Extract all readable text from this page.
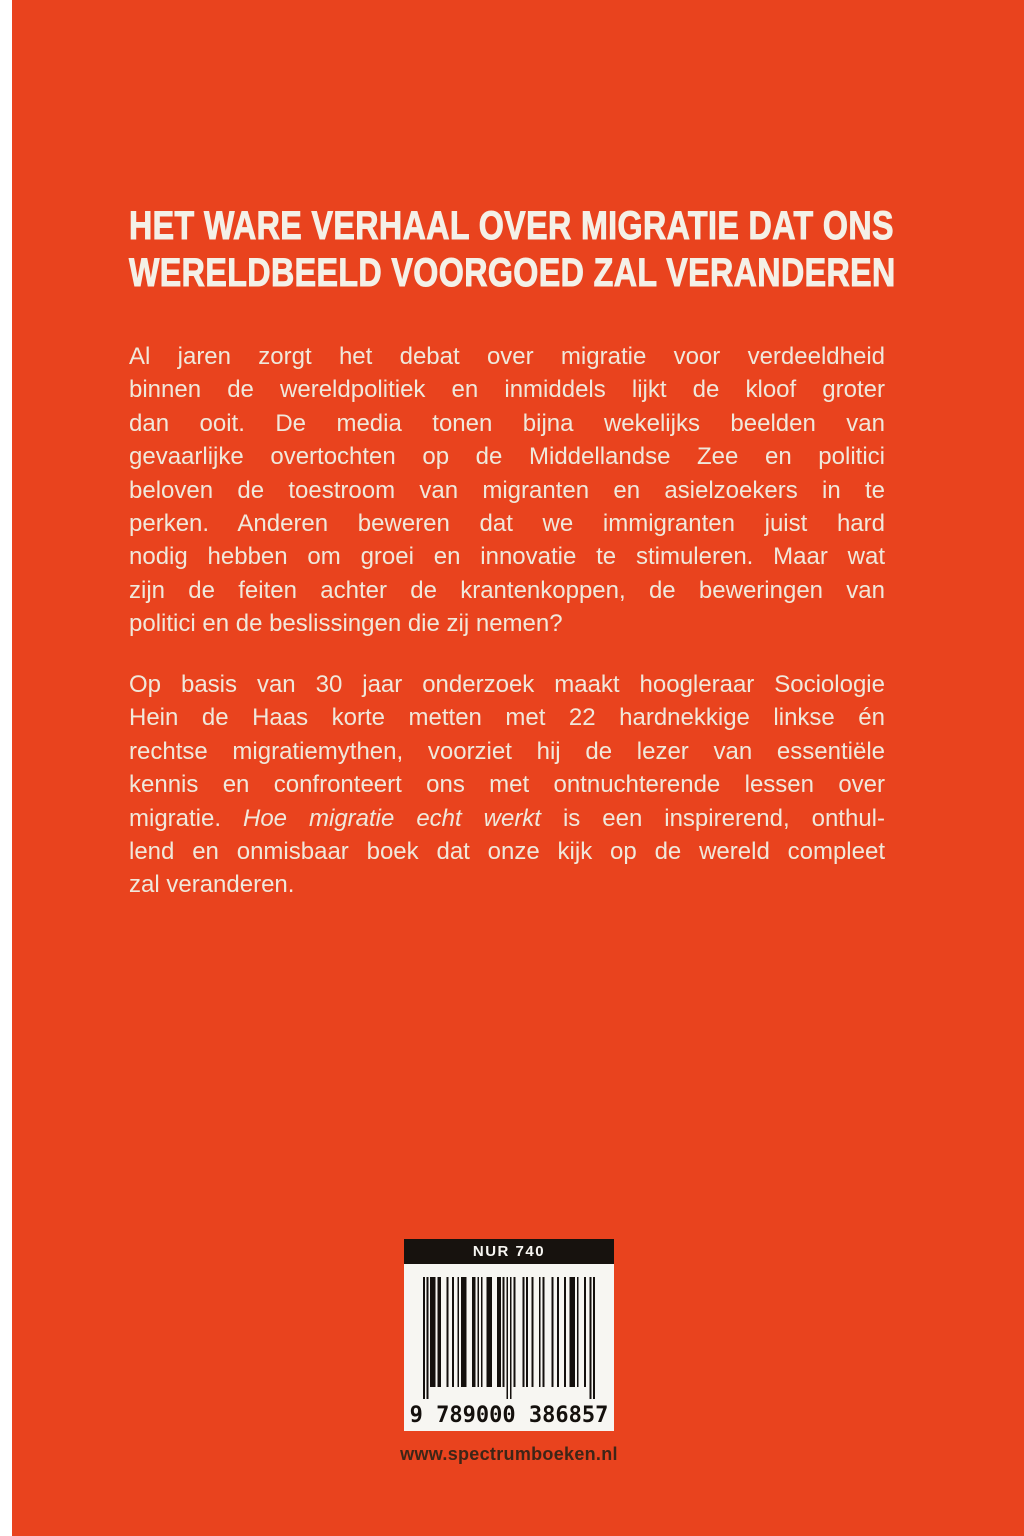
HET WARE VERHAAL OVER MIGRATIE DAT ONS
WERELDBEELD VOORGOED ZAL VERANDEREN
Al jaren zorgt het debat over migratie voor verdeeldheid
binnen de wereldpolitiek en inmiddels lijkt de kloof groter
dan ooit. De media tonen bijna wekelijks beelden van
gevaarlijke overtochten op de Middellandse Zee en politici
beloven de toestroom van migranten en asielzoekers in te
perken. Anderen beweren dat we immigranten juist hard
nodig hebben om groei en innovatie te stimuleren. Maar wat
zijn de feiten achter de krantenkoppen, de beweringen van
politici en de beslissingen die zij nemen?
Op basis van 30 jaar onderzoek maakt hoogleraar Sociologie
Hein de Haas korte metten met 22 hardnekkige linkse én
rechtse migratiemythen, voorziet hij de lezer van essentiële
kennis en confronteert ons met ontnuchterende lessen over
migratie. Hoe migratie echt werkt is een inspirerend, onthul-
lend en onmisbaar boek dat onze kijk op de wereld compleet
zal veranderen.
NUR 740
9 789000 386857
www.spectrumboeken.nl
